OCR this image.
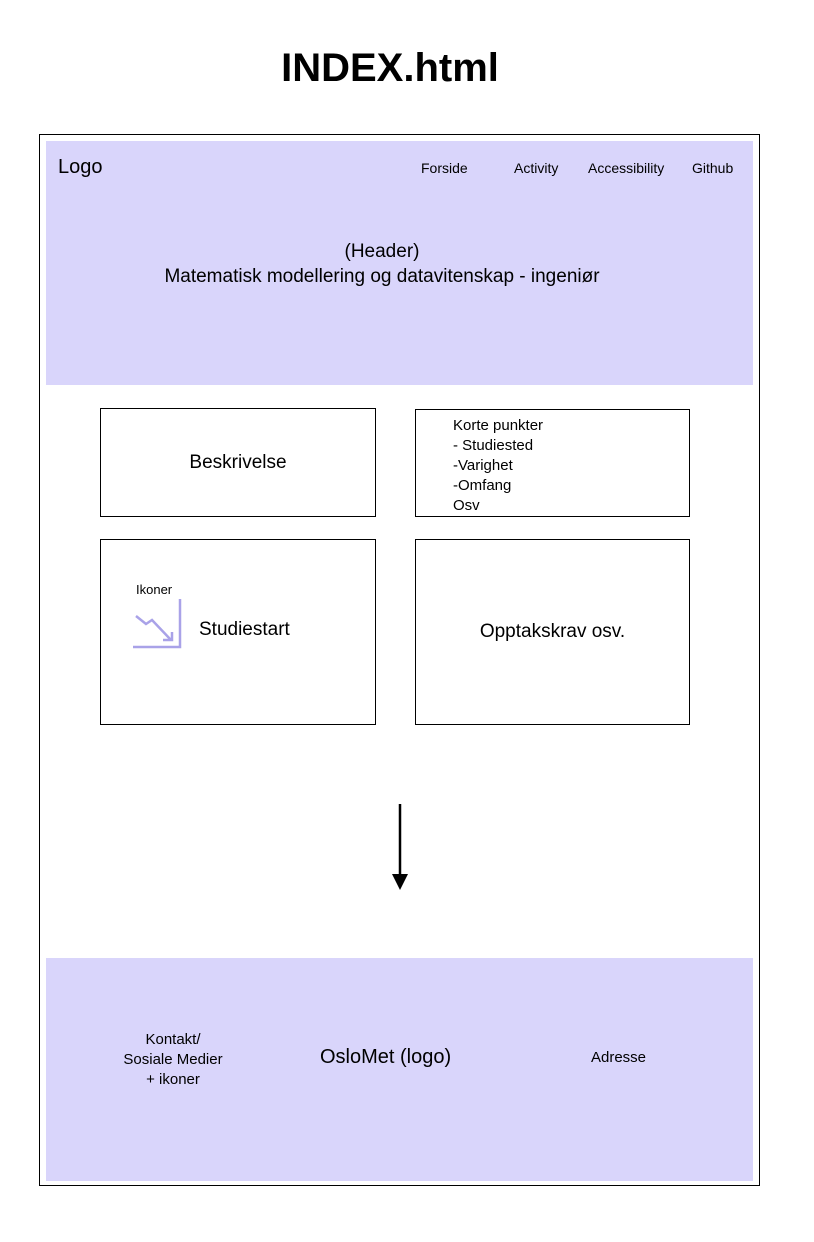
INDEX.html
Logo	Forside	Activity Accessibility Github
(Header)
Matematisk modellering og datavitenskap - ingeniør
Beskrivelse
Korte punkter
- Studiested
-Varighet
-Omfang
Osv
Ikoner
Studiestart	Opptakskrav osv.
Kontakt/
Sosiale Medier
+ ikoner
OsloMet (logo)	Adresse
